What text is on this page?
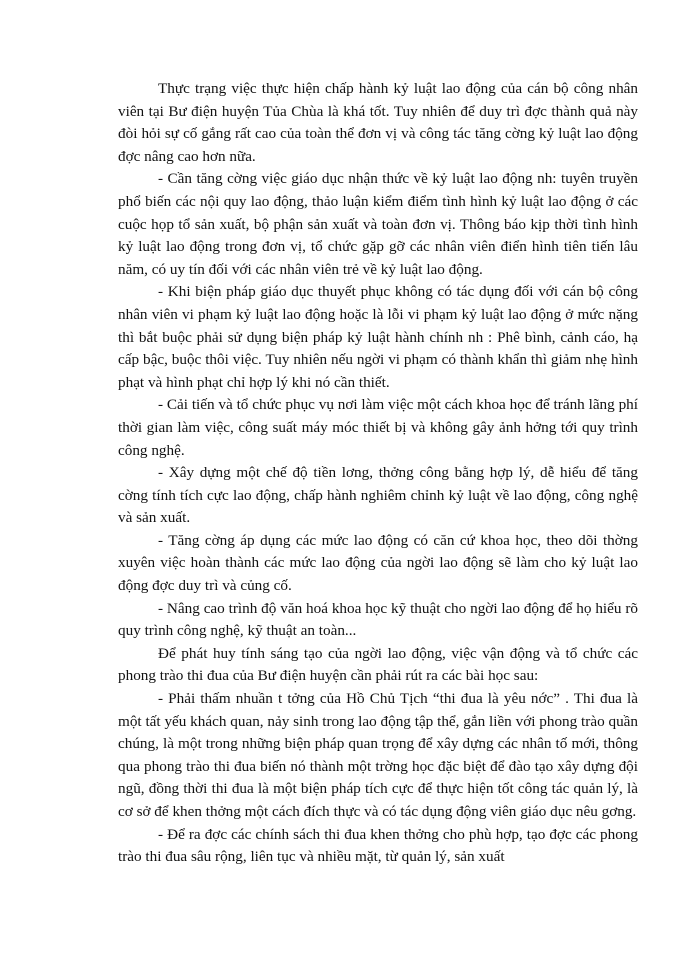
Thực trạng việc thực hiện chấp hành kỷ luật lao động của cán bộ công nhân viên tại Bư điện huyện Tủa Chùa là khá tốt. Tuy nhiên để duy trì đợc thành quả này đòi hỏi sự cố gắng rất cao của toàn thể đơn vị và công tác tăng cờng kỷ luật lao động đợc nâng cao hơn nữa.

- Cần tăng cờng việc giáo dục nhận thức về kỷ luật lao động nh: tuyên truyền phổ biến các nội quy lao động, thảo luận kiểm điểm tình hình kỷ luật lao động ở các cuộc họp tổ sản xuất, bộ phận sản xuất và toàn đơn vị. Thông báo kịp thời tình hình kỷ luật lao động trong đơn vị, tổ chức gặp gỡ các nhân viên điển hình tiên tiến lâu năm, có uy tín đối với các nhân viên trẻ về kỷ luật lao động.

- Khi biện pháp giáo dục thuyết phục không có tác dụng đối với cán bộ công nhân viên vi phạm kỷ luật lao động hoặc là lỗi vi phạm kỷ luật lao động ở mức nặng thì bắt buộc phải sử dụng biện pháp kỷ luật hành chính nh : Phê bình, cảnh cáo, hạ cấp bậc, buộc thôi việc. Tuy nhiên nếu ngời vi phạm có thành khẩn thì giảm nhẹ hình phạt và hình phạt chỉ hợp lý khi nó cần thiết.

- Cải tiến và tổ chức phục vụ nơi làm việc một cách khoa học để tránh lãng phí thời gian làm việc, công suất máy móc thiết bị và không gây ảnh hởng tới quy trình công nghệ.

- Xây dựng một chế độ tiền lơng, thởng công bằng hợp lý, dễ hiểu để tăng cờng tính tích cực lao động, chấp hành nghiêm chỉnh kỷ luật về lao động, công nghệ và sản xuất.

- Tăng cờng áp dụng các mức lao động có căn cứ khoa học, theo dõi thờng xuyên việc hoàn thành các mức lao động của ngời lao động sẽ làm cho kỷ luật lao động đợc duy trì và củng cố.

- Nâng cao trình độ văn hoá khoa học kỹ thuật cho ngời lao động để họ hiểu rõ quy trình công nghệ, kỹ thuật an toàn...

Để phát huy tính sáng tạo của ngời lao động, việc vận động và tổ chức các phong trào thi đua của Bư điện huyện cần phải rút ra các bài học sau:

- Phải thấm nhuần t tởng của Hồ Chủ Tịch “thi đua là yêu nớc” . Thi đua là một tất yếu khách quan, nảy sinh trong lao động tập thể, gắn liền với phong trào quần chúng, là một trong những biện pháp quan trọng để xây dựng các nhân tố mới, thông qua phong trào thi đua biến nó thành một trờng học đặc biệt để đào tạo xây dựng đội ngũ, đồng thời thi đua là một biện pháp tích cực để thực hiện tốt công tác quản lý, là cơ sở để khen thởng một cách đích thực và có tác dụng động viên giáo dục nêu gơng.

- Để ra đợc các chính sách thi đua khen thởng cho phù hợp, tạo đợc các phong trào thi đua sâu rộng, liên tục và nhiều mặt, từ quản lý, sản xuất
